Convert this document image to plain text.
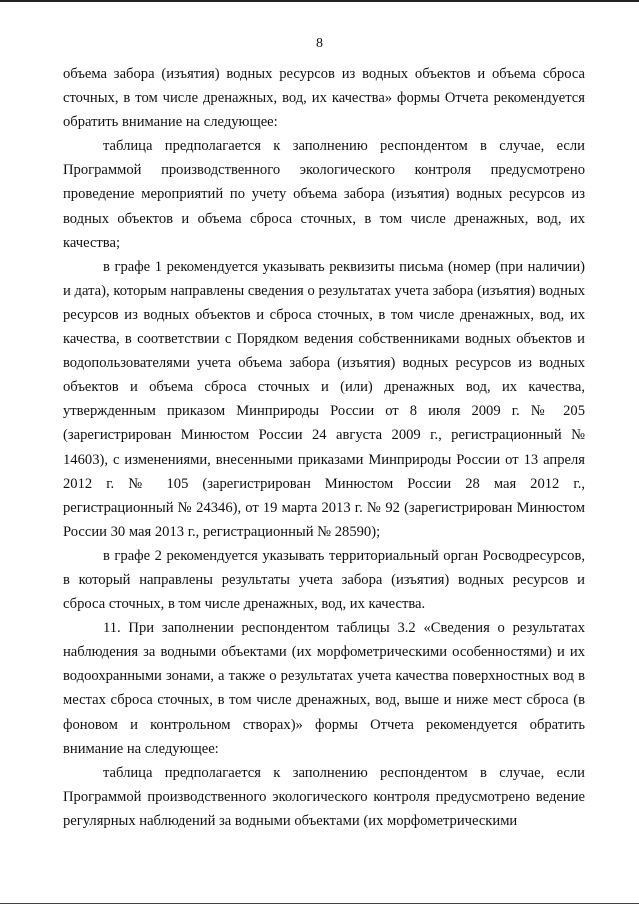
8

объема забора (изъятия) водных ресурсов из водных объектов и объема сброса сточных, в том числе дренажных, вод, их качества» формы Отчета рекомендуется обратить внимание на следующее:

таблица предполагается к заполнению респондентом в случае, если Программой производственного экологического контроля предусмотрено проведение мероприятий по учету объема забора (изъятия) водных ресурсов из водных объектов и объема сброса сточных, в том числе дренажных, вод, их качества;

в графе 1 рекомендуется указывать реквизиты письма (номер (при наличии) и дата), которым направлены сведения о результатах учета забора (изъятия) водных ресурсов из водных объектов и сброса сточных, в том числе дренажных, вод, их качества, в соответствии с Порядком ведения собственниками водных объектов и водопользователями учета объема забора (изъятия) водных ресурсов из водных объектов и объема сброса сточных и (или) дренажных вод, их качества, утвержденным приказом Минприроды России от 8 июля 2009 г. № 205 (зарегистрирован Минюстом России 24 августа 2009 г., регистрационный № 14603), с изменениями, внесенными приказами Минприроды России от 13 апреля 2012 г. № 105 (зарегистрирован Минюстом России 28 мая 2012 г., регистрационный № 24346), от 19 марта 2013 г. № 92 (зарегистрирован Минюстом России 30 мая 2013 г., регистрационный № 28590);

в графе 2 рекомендуется указывать территориальный орган Росводресурсов, в который направлены результаты учета забора (изъятия) водных ресурсов и сброса сточных, в том числе дренажных, вод, их качества.

11. При заполнении респондентом таблицы 3.2 «Сведения о результатах наблюдения за водными объектами (их морфометрическими особенностями) и их водоохранными зонами, а также о результатах учета качества поверхностных вод в местах сброса сточных, в том числе дренажных, вод, выше и ниже мест сброса (в фоновом и контрольном створах)» формы Отчета рекомендуется обратить внимание на следующее:

таблица предполагается к заполнению респондентом в случае, если Программой производственного экологического контроля предусмотрено ведение регулярных наблюдений за водными объектами (их морфометрическими
